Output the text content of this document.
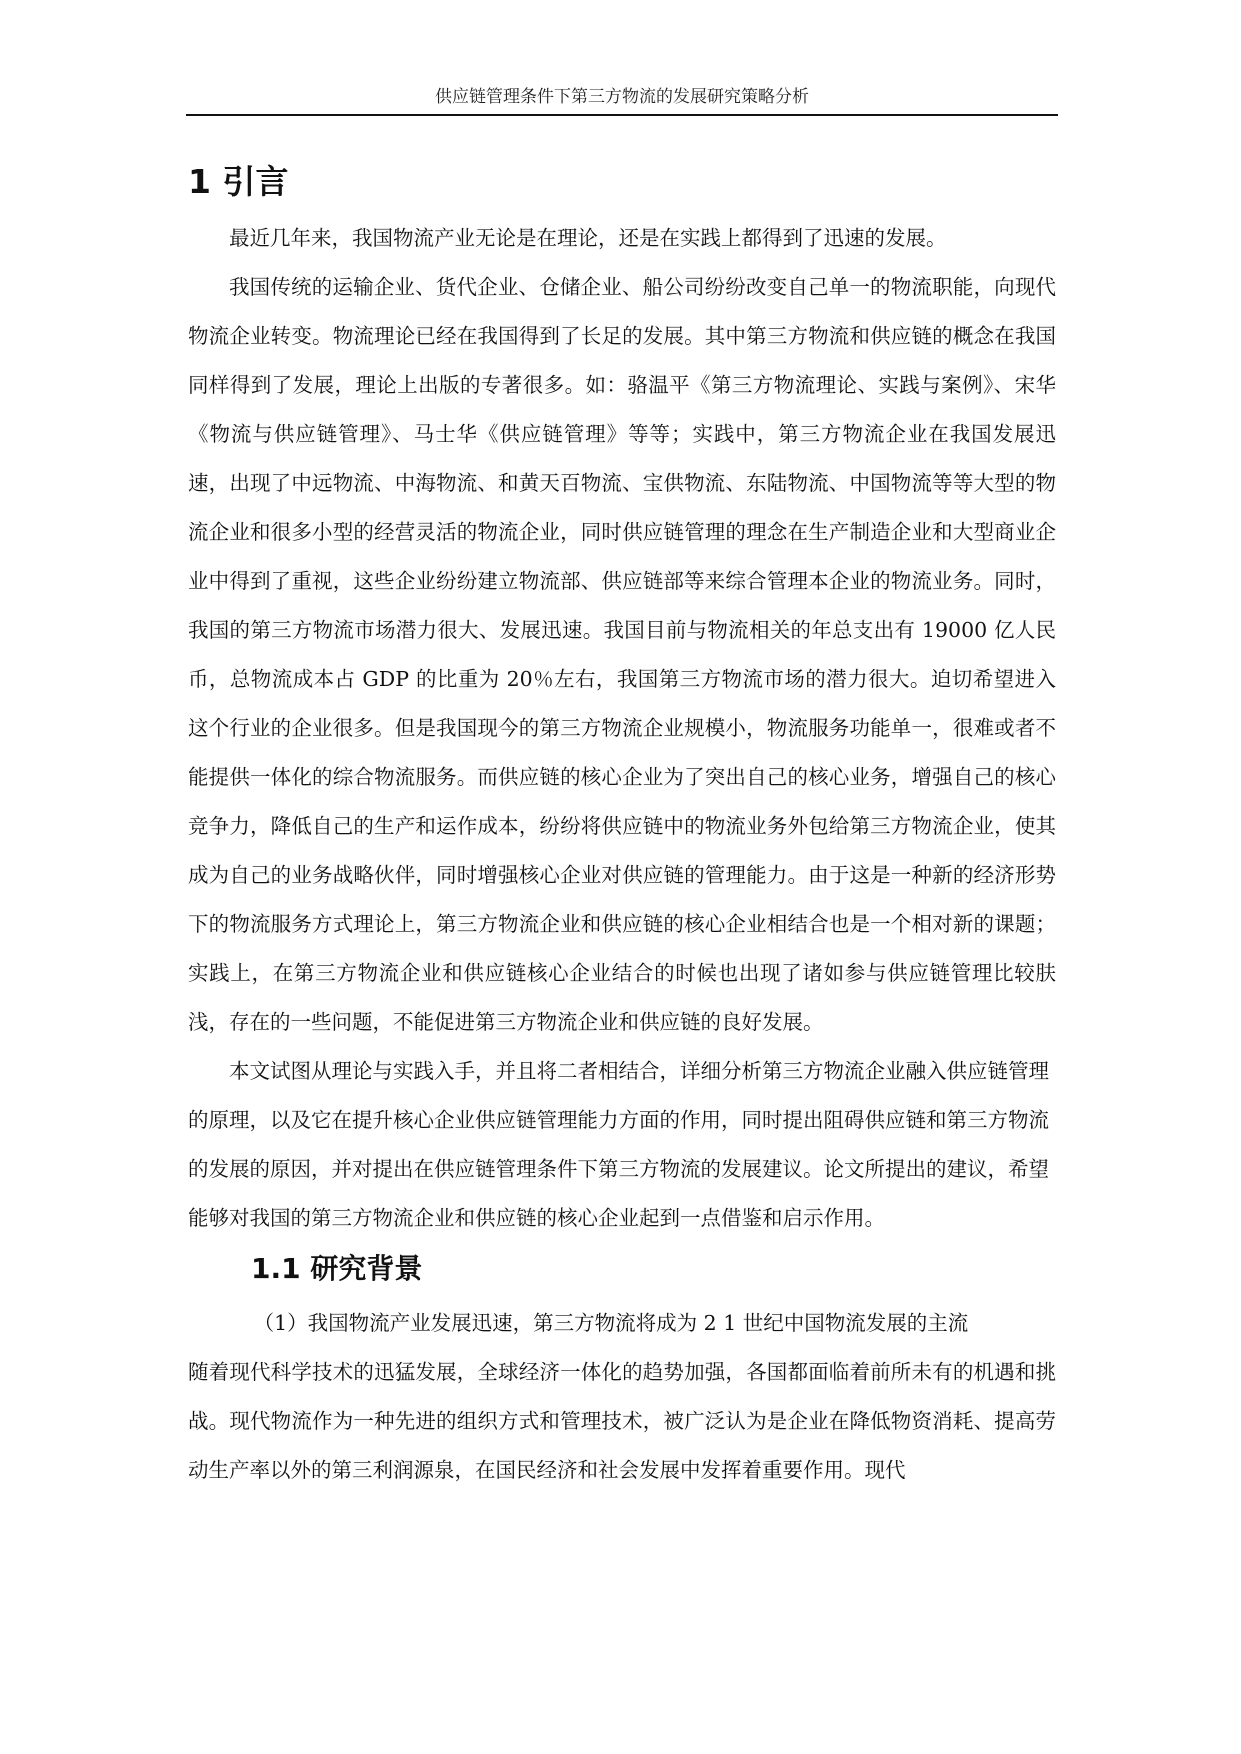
供应链管理条件下第三方物流的发展研究策略分析
1 引言

最近几年来，我国物流产业无论是在理论，还是在实践上都得到了迅速的发展。

我国传统的运输企业、货代企业、仓储企业、船公司纷纷改变自己单一的物流职能，向现代物流企业转变。物流理论已经在我国得到了长足的发展。其中第三方物流和供应链的概念在我国同样得到了发展，理论上出版的专著很多。如：骆温平《第三方物流理论、实践与案例》、宋华《物流与供应链管理》、马士华《供应链管理》等等；实践中，第三方物流企业在我国发展迅速，出现了中远物流、中海物流、和黄天百物流、宝供物流、东陆物流、中国物流等等大型的物流企业和很多小型的经营灵活的物流企业，同时供应链管理的理念在生产制造企业和大型商业企业中得到了重视，这些企业纷纷建立物流部、供应链部等来综合管理本企业的物流业务。同时，我国的第三方物流市场潜力很大、发展迅速。我国目前与物流相关的年总支出有 19000 亿人民币，总物流成本占 GDP 的比重为 20％左右，我国第三方物流市场的潜力很大。迫切希望进入这个行业的企业很多。但是我国现今的第三方物流企业规模小，物流服务功能单一，很难或者不能提供一体化的综合物流服务。而供应链的核心企业为了突出自己的核心业务，增强自己的核心竞争力，降低自己的生产和运作成本，纷纷将供应链中的物流业务外包给第三方物流企业，使其成为自己的业务战略伙伴，同时增强核心企业对供应链的管理能力。由于这是一种新的经济形势下的物流服务方式理论上，第三方物流企业和供应链的核心企业相结合也是一个相对新的课题；实践上，在第三方物流企业和供应链核心企业结合的时候也出现了诸如参与供应链管理比较肤浅，存在的一些问题，不能促进第三方物流企业和供应链的良好发展。

本文试图从理论与实践入手，并且将二者相结合，详细分析第三方物流企业融入供应链管理的原理，以及它在提升核心企业供应链管理能力方面的作用，同时提出阻碍供应链和第三方物流的发展的原因，并对提出在供应链管理条件下第三方物流的发展建议。论文所提出的建议，希望能够对我国的第三方物流企业和供应链的核心企业起到一点借鉴和启示作用。

1.1 研究背景

（1）我国物流产业发展迅速，第三方物流将成为 2 1 世纪中国物流发展的主流

随着现代科学技术的迅猛发展，全球经济一体化的趋势加强，各国都面临着前所未有的机遇和挑战。现代物流作为一种先进的组织方式和管理技术，被广泛认为是企业在降低物资消耗、提高劳动生产率以外的第三利润源泉，在国民经济和社会发展中发挥着重要作用。现代
